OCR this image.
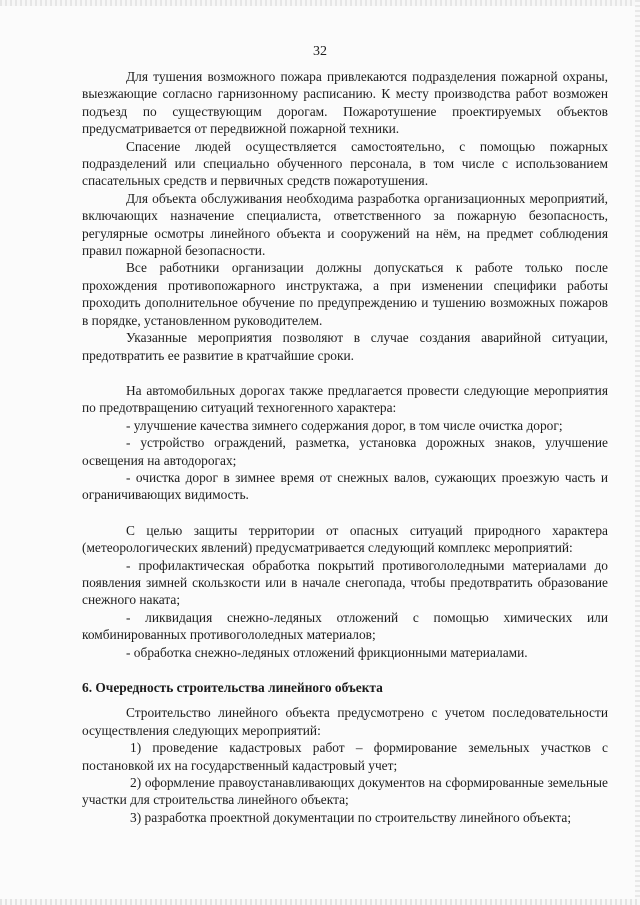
32

Для тушения возможного пожара привлекаются подразделения пожарной охраны, выезжающие согласно гарнизонному расписанию. К месту производства работ возможен подъезд по существующим дорогам. Пожаротушение проектируемых объектов предусматривается от передвижной пожарной техники.

Спасение людей осуществляется самостоятельно, с помощью пожарных подразделений или специально обученного персонала, в том числе с использованием спасательных средств и первичных средств пожаротушения.

Для объекта обслуживания необходима разработка организационных мероприятий, включающих назначение специалиста, ответственного за пожарную безопасность, регулярные осмотры линейного объекта и сооружений на нём, на предмет соблюдения правил пожарной безопасности.

Все работники организации должны допускаться к работе только после прохождения противопожарного инструктажа, а при изменении специфики работы проходить дополнительное обучение по предупреждению и тушению возможных пожаров в порядке, установленном руководителем.

Указанные мероприятия позволяют в случае создания аварийной ситуации, предотвратить ее развитие в кратчайшие сроки.

На автомобильных дорогах также предлагается провести следующие мероприятия по предотвращению ситуаций техногенного характера:

- улучшение качества зимнего содержания дорог, в том числе очистка дорог;

- устройство ограждений, разметка, установка дорожных знаков, улучшение освещения на автодорогах;

- очистка дорог в зимнее время от снежных валов, сужающих проезжую часть и ограничивающих видимость.

С целью защиты территории от опасных ситуаций природного характера (метеорологических явлений) предусматривается следующий комплекс мероприятий:

- профилактическая обработка покрытий противогололедными материалами до появления зимней скользкости или в начале снегопада, чтобы предотвратить образование снежного наката;

- ликвидация снежно-ледяных отложений с помощью химических или комбинированных противогололедных материалов;

- обработка снежно-ледяных отложений фрикционными материалами.

6. Очередность строительства линейного объекта

Строительство линейного объекта предусмотрено с учетом последовательности осуществления следующих мероприятий:

1) проведение кадастровых работ – формирование земельных участков с постановкой их на государственный кадастровый учет;

2) оформление правоустанавливающих документов на сформированные земельные участки для строительства линейного объекта;

3) разработка проектной документации по строительству линейного объекта;
